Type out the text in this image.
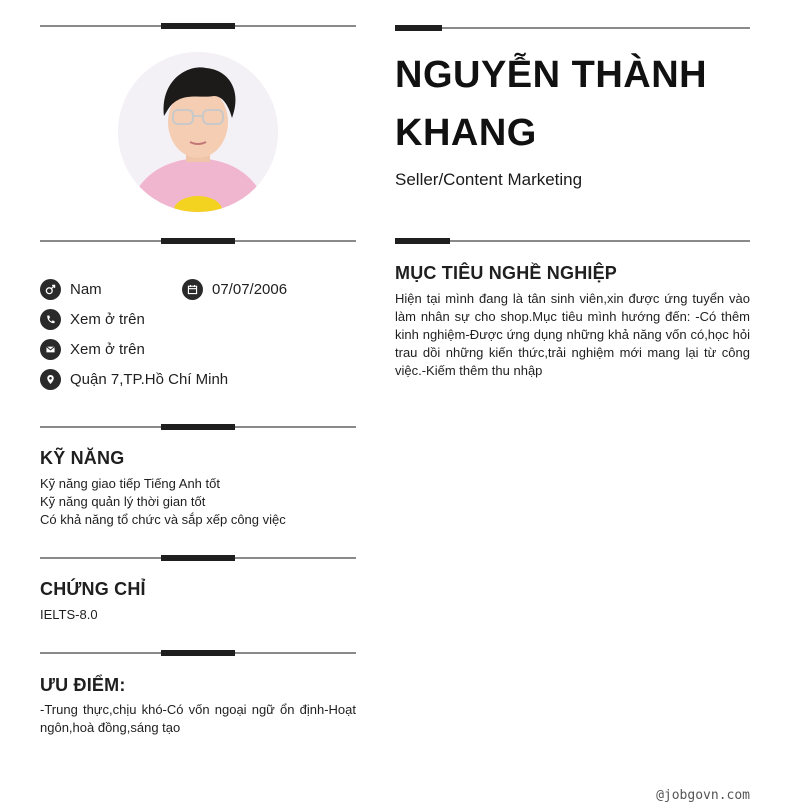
Nam	07/07/2006
Xem ở trên
Xem ở trên
Quận 7,TP.Hồ Chí Minh
KỸ NĂNG
Kỹ năng giao tiếp Tiếng Anh tốt
Kỹ năng quản lý thời gian tốt
Có khả năng tổ chức và sắp xếp công việc
CHỨNG CHỈ
IELTS-8.0
ƯU ĐIỂM:
-Trung thực,chịu khó-Có vốn ngoại ngữ ổn định-Hoạt ngôn,hoà đồng,sáng tạo
NGUYỄN THÀNH KHANG
Seller/Content Marketing
MỤC TIÊU NGHỀ NGHIỆP
Hiện tại mình đang là tân sinh viên,xin được ứng tuyển vào làm nhân sự cho shop.Mục tiêu mình hướng đến: -Có thêm kinh nghiệm-Được ứng dụng những khả năng vốn có,học hỏi trau dồi những kiến thức,trải nghiệm mới mang lại từ công việc.-Kiếm thêm thu nhập
@jobgovn.com
